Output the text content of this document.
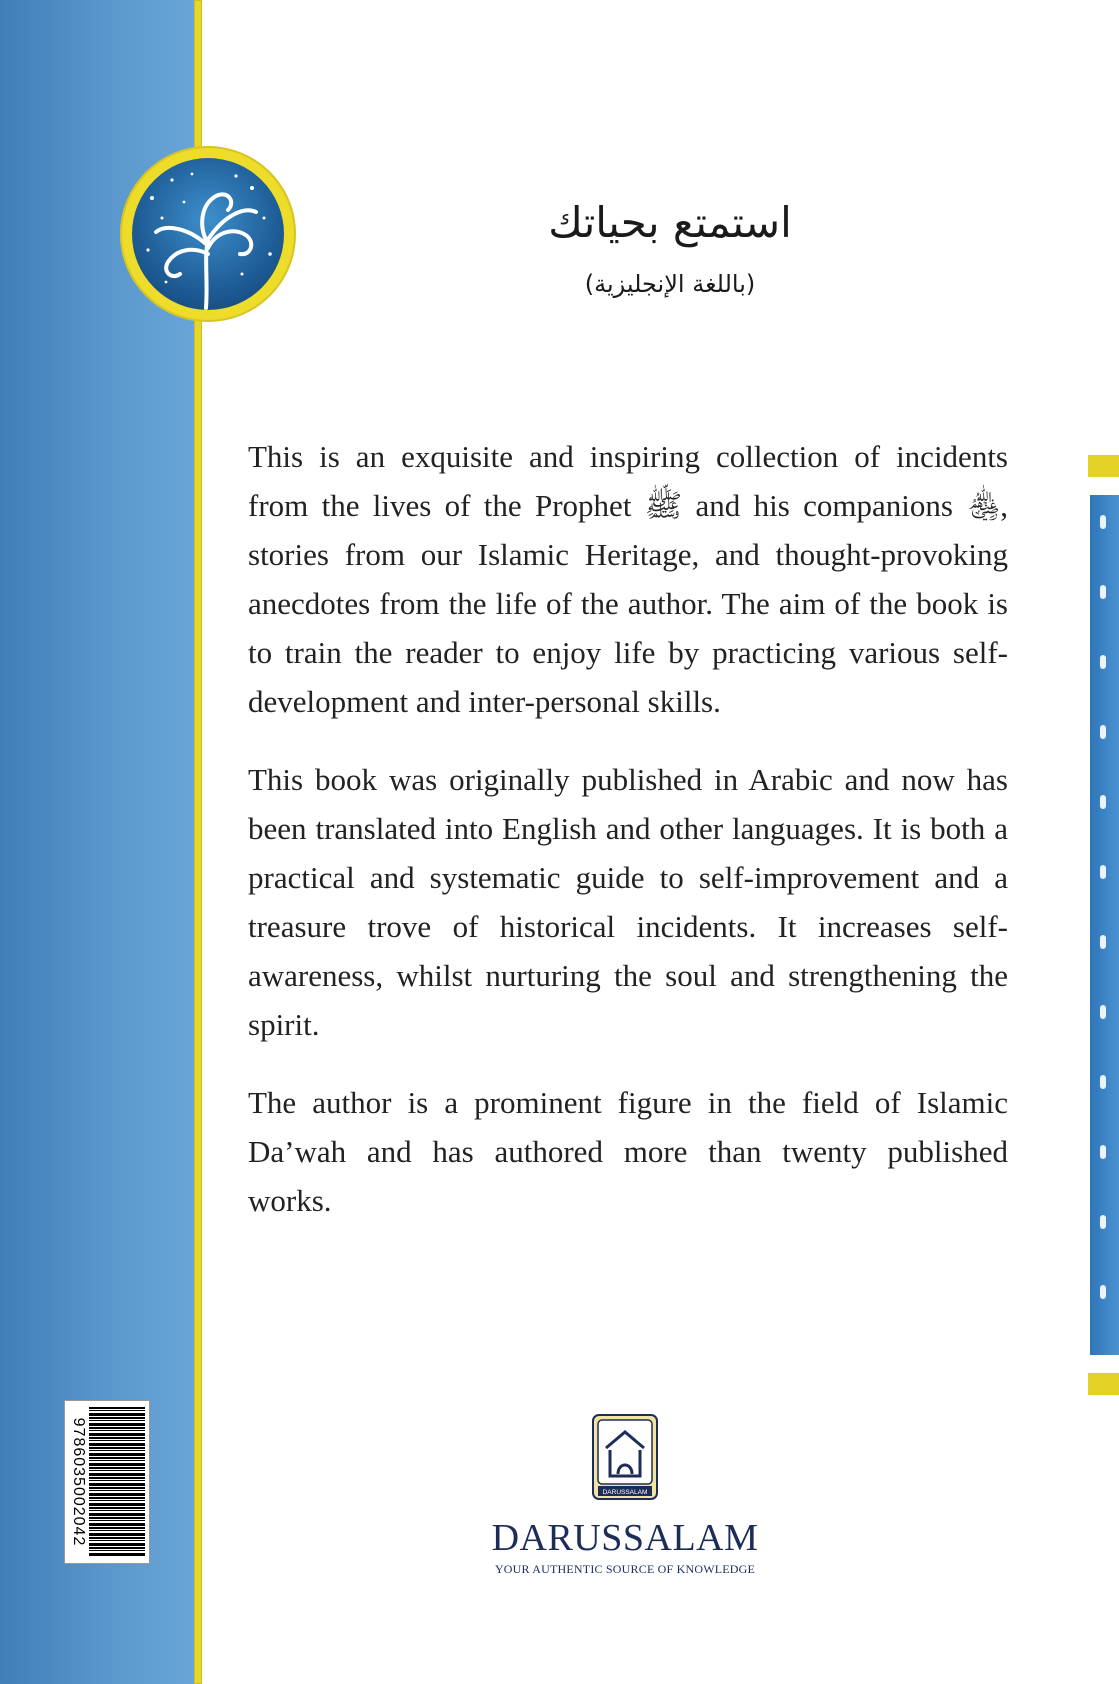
استمتع بحياتك
(باللغة الإنجليزية)

This is an exquisite and inspiring collection of incidents from the lives of the Prophet ﷺ and his companions ﵃, stories from our Islamic Heritage, and thought-provoking anecdotes from the life of the author. The aim of the book is to train the reader to enjoy life by practicing various self-development and inter-personal skills.

This book was originally published in Arabic and now has been translated into English and other languages. It is both a practical and systematic guide to self-improvement and a treasure trove of historical incidents. It increases self-awareness, whilst nurturing the soul and strengthening the spirit.

The author is a prominent figure in the field of Islamic Da’wah and has authored more than twenty published works.

DARUSSALAM
DARUSSALAM
YOUR AUTHENTIC SOURCE OF KNOWLEDGE
9786035002042
